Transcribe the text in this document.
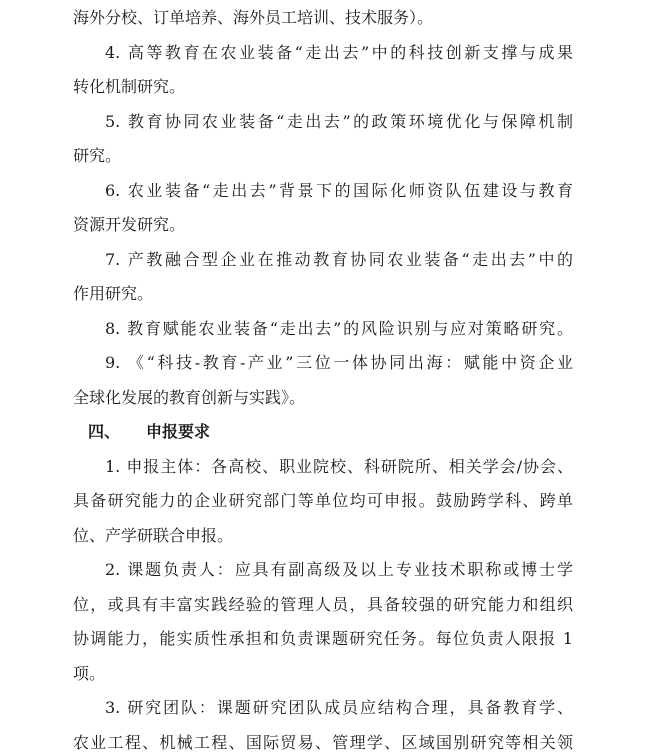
海外分校、订单培养、海外员工培训、技术服务）。
4. 高等教育在农业装备“走出去”中的科技创新支撑与成果
转化机制研究。
5. 教育协同农业装备“走出去”的政策环境优化与保障机制
研究。
6. 农业装备“走出去”背景下的国际化师资队伍建设与教育
资源开发研究。
7. 产教融合型企业在推动教育协同农业装备“走出去”中的
作用研究。
8. 教育赋能农业装备“走出去”的风险识别与应对策略研究。
9. 《“科技-教育-产业”三位一体协同出海：赋能中资企业
全球化发展的教育创新与实践》。
四、 申报要求
1. 申报主体：各高校、职业院校、科研院所、相关学会/协会、
具备研究能力的企业研究部门等单位均可申报。鼓励跨学科、跨单
位、产学研联合申报。
2. 课题负责人：应具有副高级及以上专业技术职称或博士学
位，或具有丰富实践经验的管理人员，具备较强的研究能力和组织
协调能力，能实质性承担和负责课题研究任务。每位负责人限报 1
项。
3. 研究团队：课题研究团队成员应结构合理，具备教育学、
农业工程、机械工程、国际贸易、管理学、区域国别研究等相关领
